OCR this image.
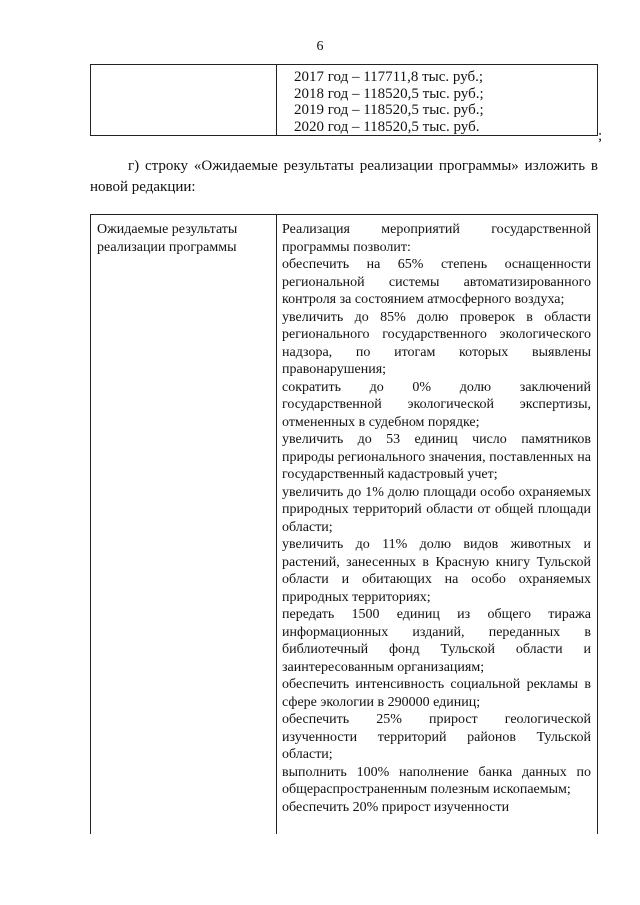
6
2017 год – 117711,8 тыс. руб.;
2018 год – 118520,5 тыс. руб.;
2019 год – 118520,5 тыс. руб.;
2020 год – 118520,5 тыс. руб.
;

г) строку «Ожидаемые результаты реализации программы» изложить в новой редакции:

Ожидаемые результаты реализации программы

Реализация мероприятий государственной программы позволит:

обеспечить на 65% степень оснащенности региональной системы автоматизированного контроля за состоянием атмосферного воздуха;

увеличить до 85% долю проверок в области регионального государственного экологического надзора, по итогам которых выявлены правонарушения;

сократить до 0% долю заключений государственной экологической экспертизы, отмененных в судебном порядке;

увеличить до 53 единиц число памятников природы регионального значения, поставленных на государственный кадастровый учет;

увеличить до 1% долю площади особо охраняемых природных территорий области от общей площади области;

увеличить до 11% долю видов животных и растений, занесенных в Красную книгу Тульской области и обитающих на особо охраняемых природных территориях;

передать 1500 единиц из общего тиража информационных изданий, переданных в библиотечный фонд Тульской области и заинтересованным организациям;

обеспечить интенсивность социальной рекламы в сфере экологии в 290000 единиц;

обеспечить 25% прирост геологической изученности территорий районов Тульской области;

выполнить 100% наполнение банка данных по общераспространенным полезным ископаемым;

обеспечить 20% прирост изученности
